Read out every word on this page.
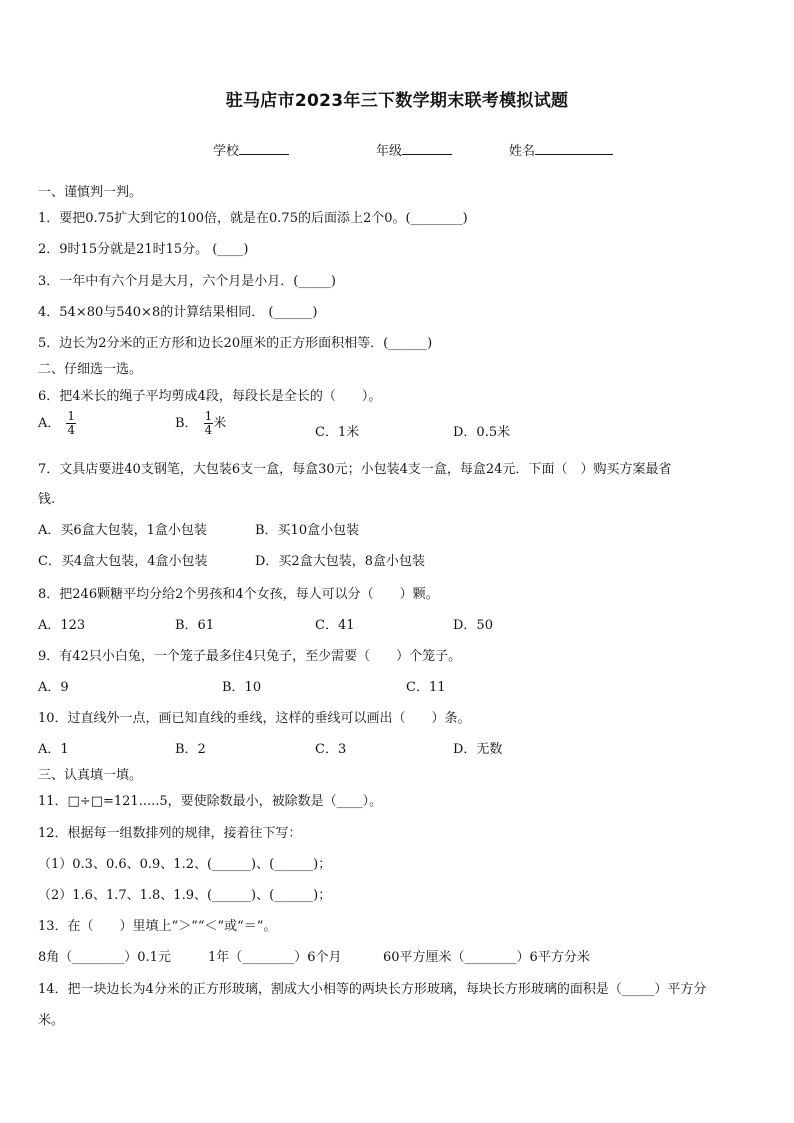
驻马店市2023年三下数学期末联考模拟试题
学校	年级	姓名
一、谨慎判一判。
1．要把0.75扩大到它的100倍，就是在0.75的后面添上2个0。(________)
2．9时15分就是21时15分。 (____)
3．一年中有六个月是大月，六个月是小月．(_____)
4．54×80与540×8的计算结果相同． (______)
5．边长为2分米的正方形和边长20厘米的正方形面积相等．(______)
二、仔细选一选。
6．把4米长的绳子平均剪成4段，每段长是全长的（　　）。
A． $\frac{1}{4}$	B． $\frac{1}{4}$ 米
C．1米	D．0.5米
7．文具店要进40支钢笔，大包装6支一盒，每盒30元；小包装4支一盒，每盒24元．下面（　）购买方案最省
钱.
A．买6盒大包装，1盒小包装	B．买10盒小包装
C．买4盒大包装，4盒小包装	D．买2盒大包装，8盒小包装
8．把246颗糖平均分给2个男孩和4个女孩，每人可以分（　　）颗。
A．123	B．61	C．41	D．50
9．有42只小白兔，一个笼子最多住4只兔子，至少需要（　　）个笼子。
A．9	B．10	C．11
10．过直线外一点，画已知直线的垂线，这样的垂线可以画出（　　）条。
A．1	B．2	C．3	D．无数
三、认真填一填。
11．□÷□=121.....5，要使除数最小，被除数是（____）。
12．根据每一组数排列的规律，接着往下写：
（1）0.3、0.6、0.9、1.2、(______)、(______)；
（2）1.6、1.7、1.8、1.9、(______)、(______)；
13．在（　　）里填上“＞”“＜”或“＝”。
8角（________）0.1元	1年（________）6个月	60平方厘米（________）6平方分米
14．把一块边长为4分米的正方形玻璃，割成大小相等的两块长方形玻璃，每块长方形玻璃的面积是（_____）平方分
米。
